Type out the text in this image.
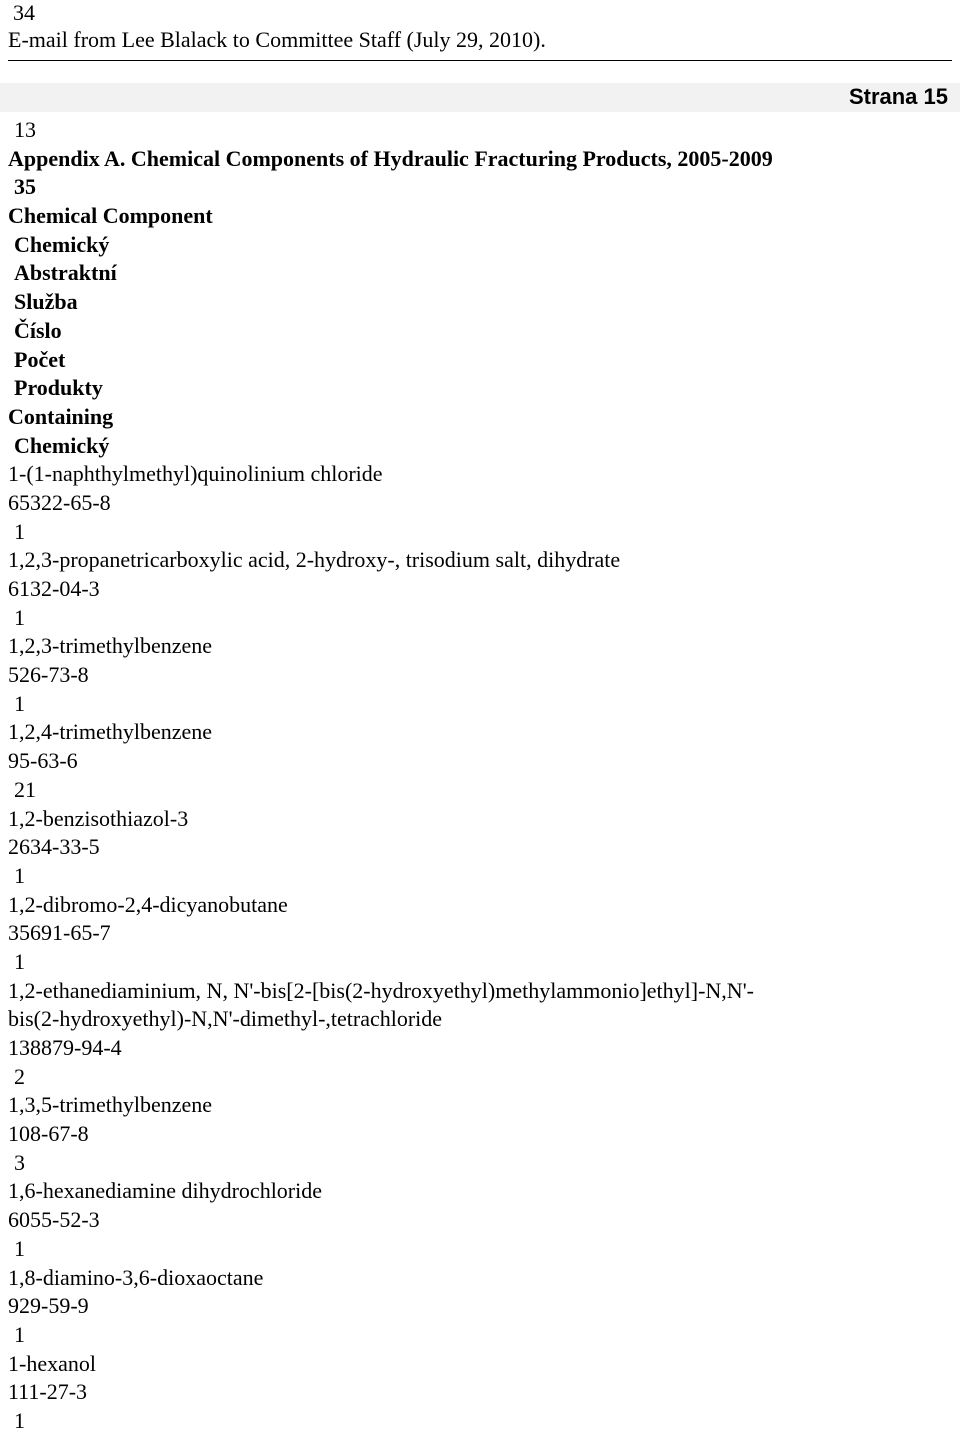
34
E-mail from Lee Blalack to Committee Staff (July 29, 2010).
Strana 15
13
Appendix A. Chemical Components of Hydraulic Fracturing Products, 2005-2009
35
Chemical Component
Chemický
Abstraktní
Služba
Číslo
Počet
Produkty
Containing
Chemický
1-(1-naphthylmethyl)quinolinium chloride
65322-65-8
1
1,2,3-propanetricarboxylic acid, 2-hydroxy-, trisodium salt, dihydrate
6132-04-3
1
1,2,3-trimethylbenzene
526-73-8
1
1,2,4-trimethylbenzene
95-63-6
21
1,2-benzisothiazol-3
2634-33-5
1
1,2-dibromo-2,4-dicyanobutane
35691-65-7
1
1,2-ethanediaminium, N, N'-bis[2-[bis(2-hydroxyethyl)methylammonio]ethyl]-N,N'-
bis(2-hydroxyethyl)-N,N'-dimethyl-,tetrachloride
138879-94-4
2
1,3,5-trimethylbenzene
108-67-8
3
1,6-hexanediamine dihydrochloride
6055-52-3
1
1,8-diamino-3,6-dioxaoctane
929-59-9
1
1-hexanol
111-27-3
1
